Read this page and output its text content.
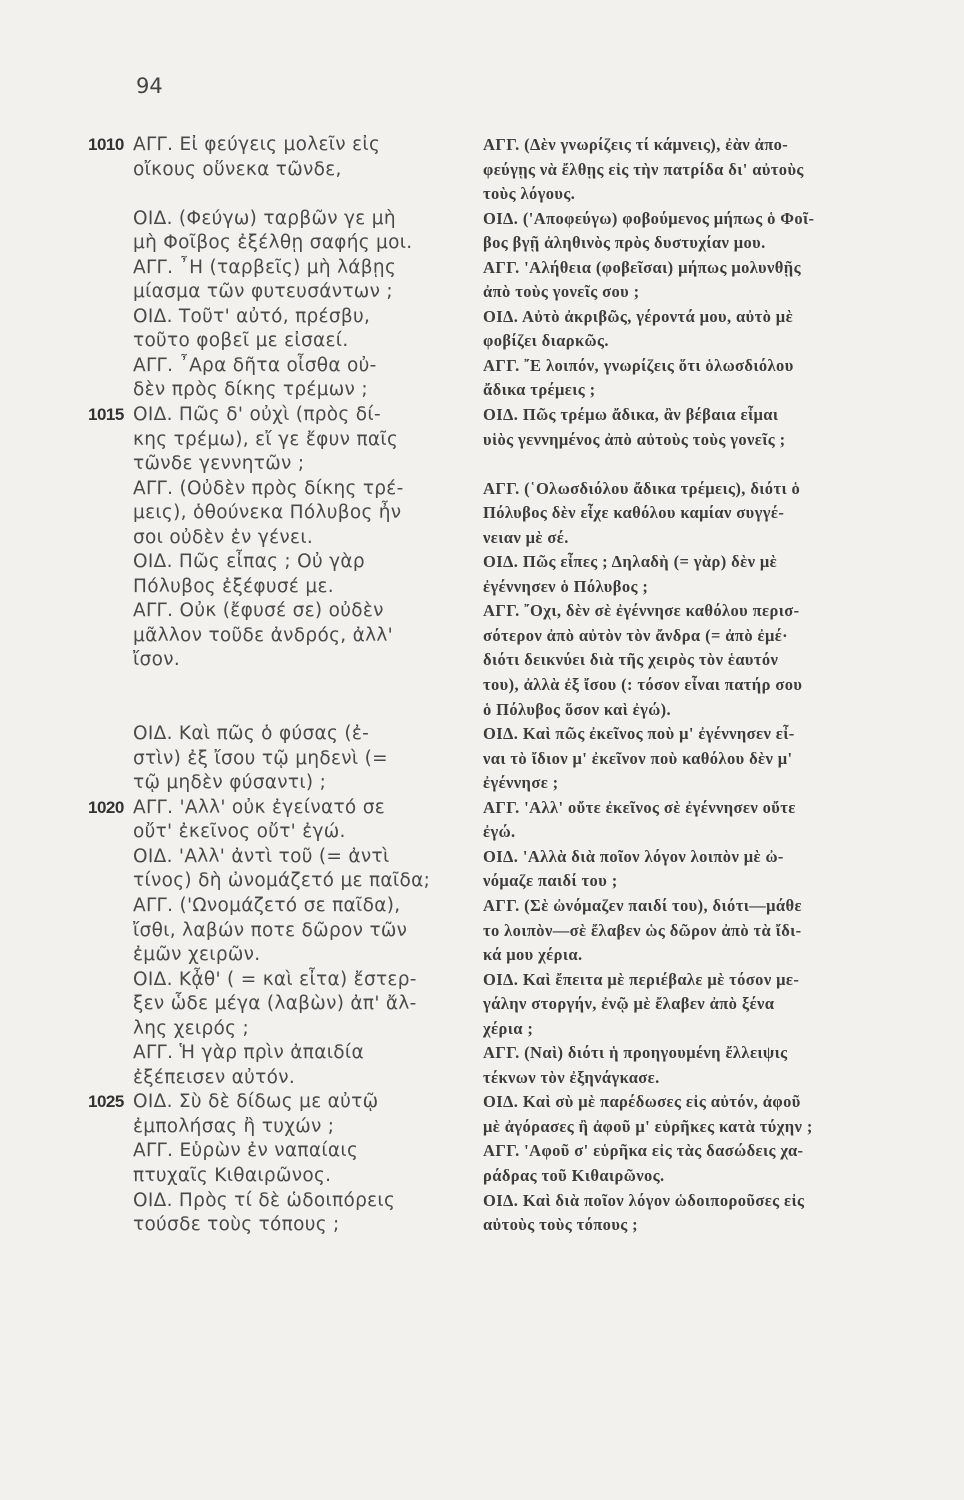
94
1010 ΑΓΓ. Εἰ φεύγεις μολεῖν εἰς	ΑΓΓ. (Δὲν γνωρίζεις τί κάμνεις), ἐὰν ἀπο-
οἴκους οὕνεκα τῶνδε,	φεύγῃς νὰ ἔλθῃς εἰς τὴν πατρίδα δι' αὐτοὺς
τοὺς λόγους.
ΟΙΔ. (Φεύγω) ταρβῶν γε μὴ	ΟΙΔ. ('Αποφεύγω) φοβούμενος μήπως ὁ Φοῖ-
μὴ Φοῖβος ἐξέλθῃ σαφής μοι.	βος βγῇ ἀληθινὸς πρὸς δυστυχίαν μου.
ΑΓΓ. ῏Η (ταρβεῖς) μὴ λάβῃς	ΑΓΓ. 'Αλήθεια (φοβεῖσαι) μήπως μολυνθῇς
μίασμα τῶν φυτευσάντων ;	ἀπὸ τοὺς γονεῖς σου ;
ΟΙΔ. Τοῦτ' αὐτό, πρέσβυ,	ΟΙΔ. Αὐτὸ ἀκριβῶς, γέροντά μου, αὐτὸ μὲ
τοῦτο φοβεῖ με εἰσαεί.	φοβίζει διαρκῶς.
ΑΓΓ. ῏Αρα δῆτα οἶσθα οὐ-	ΑΓΓ. ῎Ε λοιπόν, γνωρίζεις ὅτι ὁλωσδιόλου
δὲν πρὸς δίκης τρέμων ;	ἄδικα τρέμεις ;
1015 ΟΙΔ. Πῶς δ' οὐχὶ (πρὸς δί-	ΟΙΔ. Πῶς τρέμω ἄδικα, ἂν βέβαια εἶμαι
κης τρέμω), εἴ γε ἔφυν παῖς	υἱὸς γεννημένος ἀπὸ αὐτοὺς τοὺς γονεῖς ;
τῶνδε γεννητῶν ;
ΑΓΓ. (Οὐδὲν πρὸς δίκης τρέ-	ΑΓΓ. (῾Ολωσδιόλου ἄδικα τρέμεις), διότι ὁ
μεις), ὁθούνεκα Πόλυβος ἦν	Πόλυβος δὲν εἶχε καθόλου καμίαν συγγέ-
σοι οὐδὲν ἐν γένει.	νειαν μὲ σέ.
ΟΙΔ. Πῶς εἶπας ; Οὐ γὰρ	ΟΙΔ. Πῶς εἶπες ; Δηλαδὴ (= γὰρ) δὲν μὲ
Πόλυβος ἐξέφυσέ με.	ἐγέννησεν ὁ Πόλυβος ;
ΑΓΓ. Οὐκ (ἔφυσέ σε) οὐδὲν	ΑΓΓ. ῎Οχι, δὲν σὲ ἐγέννησε καθόλου περισ-
μᾶλλον τοῦδε ἀνδρός, ἀλλ'	σότερον ἀπὸ αὐτὸν τὸν ἄνδρα (= ἀπὸ ἐμέ·
ἴσον.	διότι δεικνύει διὰ τῆς χειρὸς τὸν ἑαυτόν
του), ἀλλὰ ἐξ ἴσου (: τόσον εἶναι πατήρ σου
ὁ Πόλυβος ὅσον καὶ ἐγώ).
ΟΙΔ. Καὶ πῶς ὁ φύσας (ἐ-	ΟΙΔ. Καὶ πῶς ἐκεῖνος ποὺ μ' ἐγέννησεν εἶ-
στὶν) ἐξ ἴσου τῷ μηδενὶ (=	ναι τὸ ἴδιον μ' ἐκεῖνον ποὺ καθόλου δὲν μ'
τῷ μηδὲν φύσαντι) ;	ἐγέννησε ;
1020 ΑΓΓ. 'Αλλ' οὐκ ἐγείνατό σε	ΑΓΓ. 'Αλλ' οὔτε ἐκεῖνος σὲ ἐγέννησεν οὔτε
οὔτ' ἐκεῖνος οὔτ' ἐγώ.	ἐγώ.
ΟΙΔ. 'Αλλ' ἀντὶ τοῦ (= ἀντὶ	ΟΙΔ. 'Αλλὰ διὰ ποῖον λόγον λοιπὸν μὲ ὠ-
τίνος) δὴ ὠνομάζετό με παῖδα;	νόμαζε παιδί του ;
ΑΓΓ. ('Ωνομάζετό σε παῖδα),	ΑΓΓ. (Σὲ ὠνόμαζεν παιδί του), διότι—μάθε
ἴσθι, λαβών ποτε δῶρον τῶν	το λοιπὸν—σὲ ἔλαβεν ὡς δῶρον ἀπὸ τὰ ἴδι-
ἐμῶν χειρῶν.	κά μου χέρια.
ΟΙΔ. Κᾆθ' ( = καὶ εἶτα) ἔστερ-	ΟΙΔ. Καὶ ἔπειτα μὲ περιέβαλε μὲ τόσον με-
ξεν ὧδε μέγα (λαβὼν) ἀπ' ἄλ-	γάλην στοργήν, ἐνῷ μὲ ἔλαβεν ἀπὸ ξένα
λης χειρός ;	χέρια ;
ΑΓΓ. Ἡ γὰρ πρὶν ἀπαιδία	ΑΓΓ. (Ναὶ) διότι ἡ προηγουμένη ἔλλειψις
ἐξέπεισεν αὐτόν.	τέκνων τὸν ἐξηνάγκασε.
1025 ΟΙΔ. Σὺ δὲ δίδως με αὐτῷ	ΟΙΔ. Καὶ σὺ μὲ παρέδωσες εἰς αὐτόν, ἀφοῦ
ἐμπολήσας ἢ τυχών ;	μὲ ἀγόρασες ἢ ἀφοῦ μ' εὑρῆκες κατὰ τύχην ;
ΑΓΓ. Εὑρὼν ἐν ναπαίαις	ΑΓΓ. 'Αφοῦ σ' εὑρῆκα εἰς τὰς δασώδεις χα-
πτυχαῖς Κιθαιρῶνος.	ράδρας τοῦ Κιθαιρῶνος.
ΟΙΔ. Πρὸς τί δὲ ὡδοιπόρεις	ΟΙΔ. Καὶ διὰ ποῖον λόγον ὡδοιποροῦσες εἰς
τούσδε τοὺς τόπους ;	αὐτοὺς τοὺς τόπους ;
